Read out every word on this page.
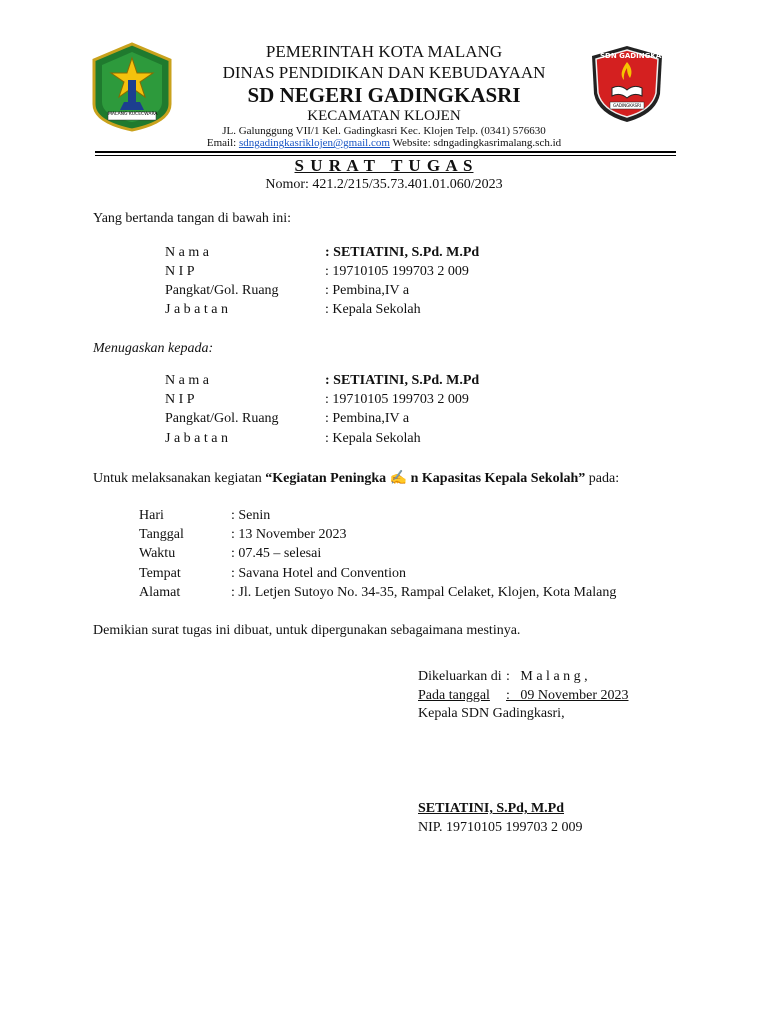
SDN GADINGKASRI
GADINGKASRI
MALANG KUCECWARA
PEMERINTAH KOTA MALANG
DINAS PENDIDIKAN DAN KEBUDAYAAN
SD NEGERI GADINGKASRI
KECAMATAN KLOJEN
JL. Galunggung VII/1 Kel. Gadingkasri Kec. Klojen Telp. (0341) 576630
Email: sdngadingkasriklojen@gmail.com Website: sdngadingkasrimalang.sch.id
S U R A T   T U G A S
Nomor: 421.2/215/35.73.401.01.060/2023
Yang bertanda tangan di bawah ini:
N a m a	: SETIATINI, S.Pd. M.Pd
N I P	: 19710105 199703 2 009
Pangkat/Gol. Ruang	: Pembina,IV a
J a b a t a n	: Kepala Sekolah
Menugaskan kepada:
N a m a	: SETIATINI, S.Pd. M.Pd
N I P	: 19710105 199703 2 009
Pangkat/Gol. Ruang	: Pembina,IV a
J a b a t a n	: Kepala Sekolah
Untuk melaksanakan kegiatan “Kegiatan Peningka ✍ n Kapasitas Kepala Sekolah” pada:
Hari	: Senin
Tanggal	: 13 November 2023
Waktu	: 07.45 – selesai
Tempat	: Savana Hotel and Convention
Alamat	: Jl. Letjen Sutoyo No. 34-35, Rampal Celaket, Klojen, Kota Malang
Demikian surat tugas ini dibuat, untuk dipergunakan sebagaimana mestinya.
Dikeluarkan di :   M a l a n g ,
Pada tanggal	:   09 November 2023
Kepala SDN Gadingkasri,
SETIATINI, S.Pd, M.Pd
NIP. 19710105 199703 2 009
